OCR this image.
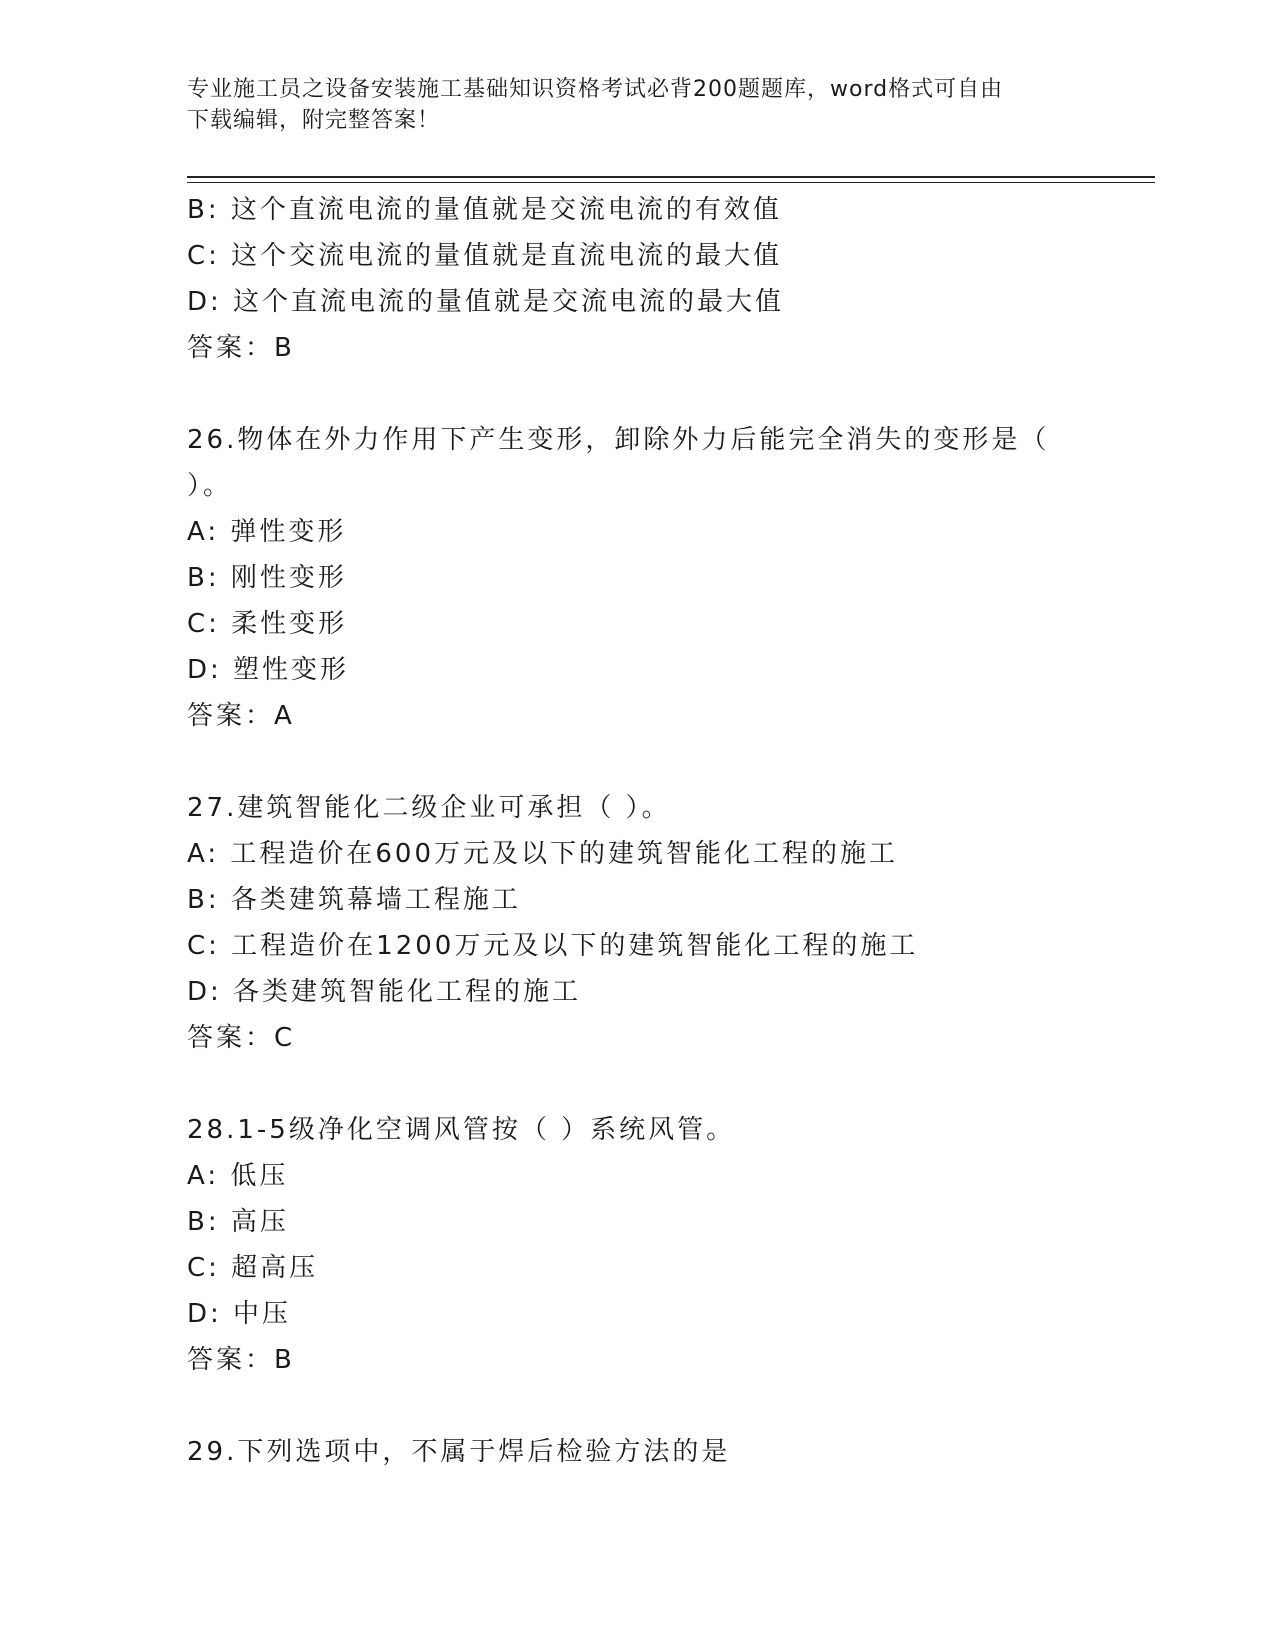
专业施工员之设备安装施工基础知识资格考试必背200题题库，word格式可自由
下载编辑，附完整答案！
B: 这个直流电流的量值就是交流电流的有效值
C: 这个交流电流的量值就是直流电流的最大值
D: 这个直流电流的量值就是交流电流的最大值
答案：B
26.物体在外力作用下产生变形，卸除外力后能完全消失的变形是（
）。
A: 弹性变形
B: 刚性变形
C: 柔性变形
D: 塑性变形
答案：A
27.建筑智能化二级企业可承担（ ）。
A: 工程造价在600万元及以下的建筑智能化工程的施工
B: 各类建筑幕墙工程施工
C: 工程造价在1200万元及以下的建筑智能化工程的施工
D: 各类建筑智能化工程的施工
答案：C
28.1-5级净化空调风管按（ ）系统风管。
A: 低压
B: 高压
C: 超高压
D: 中压
答案：B
29.下列选项中，不属于焊后检验方法的是
